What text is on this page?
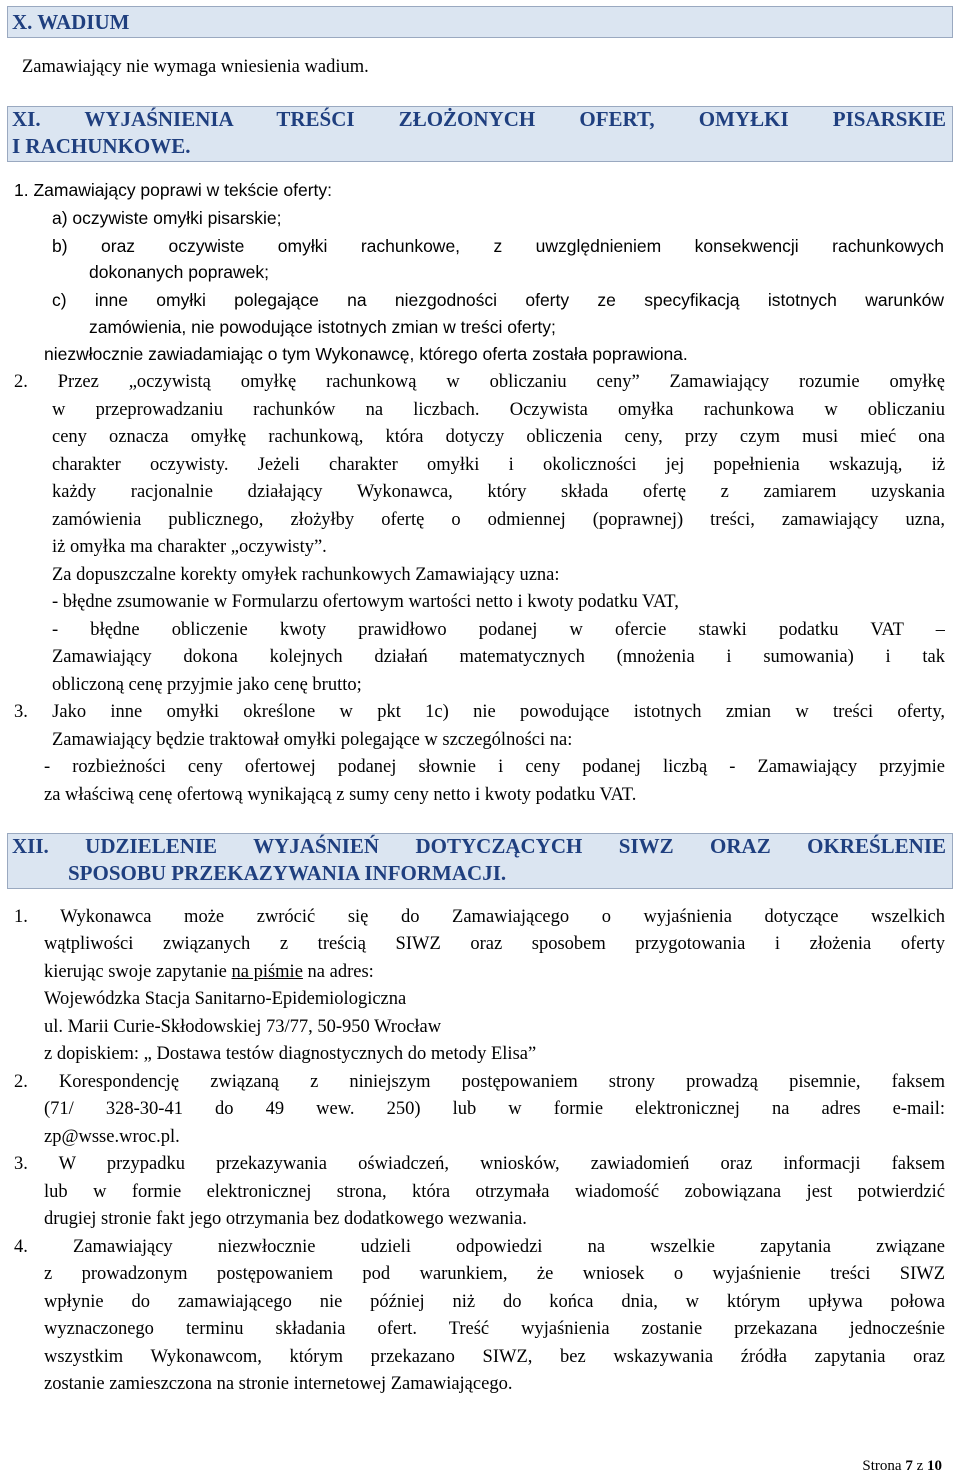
X. WADIUM
Zamawiający nie wymaga wniesienia wadium.
XI. WYJAŚNIENIA TREŚCI ZŁOŻONYCH OFERT, OMYŁKI PISARSKIE
I RACHUNKOWE.
1. Zamawiający poprawi w tekście oferty:
a) oczywiste omyłki pisarskie;
b) oraz oczywiste omyłki rachunkowe, z uwzględnieniem konsekwencji rachunkowych
dokonanych poprawek;
c) inne omyłki polegające na niezgodności oferty ze specyfikacją istotnych warunków
zamówienia, nie powodujące istotnych zmian w treści oferty;
niezwłocznie zawiadamiając o tym Wykonawcę, którego oferta została poprawiona.
2. Przez „oczywistą omyłkę rachunkową w obliczaniu ceny” Zamawiający rozumie omyłkę
w przeprowadzaniu rachunków na liczbach. Oczywista omyłka rachunkowa w obliczaniu
ceny oznacza omyłkę rachunkową, która dotyczy obliczenia ceny, przy czym musi mieć ona
charakter oczywisty. Jeżeli charakter omyłki i okoliczności jej popełnienia wskazują, iż
każdy racjonalnie działający Wykonawca, który składa ofertę z zamiarem uzyskania
zamówienia publicznego, złożyłby ofertę o odmiennej (poprawnej) treści, zamawiający uzna,
iż omyłka ma charakter „oczywisty”.
Za dopuszczalne korekty omyłek rachunkowych Zamawiający uzna:
- błędne zsumowanie w Formularzu ofertowym wartości netto i kwoty podatku VAT,
- błędne obliczenie kwoty prawidłowo podanej w ofercie stawki podatku VAT –
Zamawiający dokona kolejnych działań matematycznych (mnożenia i sumowania) i tak
obliczoną cenę przyjmie jako cenę brutto;
3. Jako inne omyłki określone w pkt 1c) nie powodujące istotnych zmian w treści oferty,
Zamawiający będzie traktował omyłki polegające w szczególności na:
- rozbieżności ceny ofertowej podanej słownie i ceny podanej liczbą - Zamawiający przyjmie
za właściwą cenę ofertową wynikającą z sumy ceny netto i kwoty podatku VAT.
XII. UDZIELENIE WYJAŚNIEŃ DOTYCZĄCYCH SIWZ ORAZ OKREŚLENIE
SPOSOBU PRZEKAZYWANIA INFORMACJI.
1. Wykonawca może zwrócić się do Zamawiającego o wyjaśnienia dotyczące wszelkich
wątpliwości związanych z treścią SIWZ oraz sposobem przygotowania i złożenia oferty
kierując swoje zapytanie na piśmie na adres:
Wojewódzka Stacja Sanitarno-Epidemiologiczna
ul. Marii Curie-Skłodowskiej 73/77, 50-950 Wrocław
z dopiskiem: „ Dostawa testów diagnostycznych do metody Elisa”
2. Korespondencję związaną z niniejszym postępowaniem strony prowadzą pisemnie, faksem
(71/ 328-30-41 do 49 wew. 250) lub w formie elektronicznej na adres e-mail:
zp@wsse.wroc.pl.
3. W przypadku przekazywania oświadczeń, wniosków, zawiadomień oraz informacji faksem
lub w formie elektronicznej strona, która otrzymała wiadomość zobowiązana jest potwierdzić
drugiej stronie fakt jego otrzymania bez dodatkowego wezwania.
4. Zamawiający niezwłocznie udzieli odpowiedzi na wszelkie zapytania związane
z prowadzonym postępowaniem pod warunkiem, że wniosek o wyjaśnienie treści SIWZ
wpłynie do zamawiającego nie później niż do końca dnia, w którym upływa połowa
wyznaczonego terminu składania ofert. Treść wyjaśnienia zostanie przekazana jednocześnie
wszystkim Wykonawcom, którym przekazano SIWZ, bez wskazywania źródła zapytania oraz
zostanie zamieszczona na stronie internetowej Zamawiającego.
Strona 7 z 10
